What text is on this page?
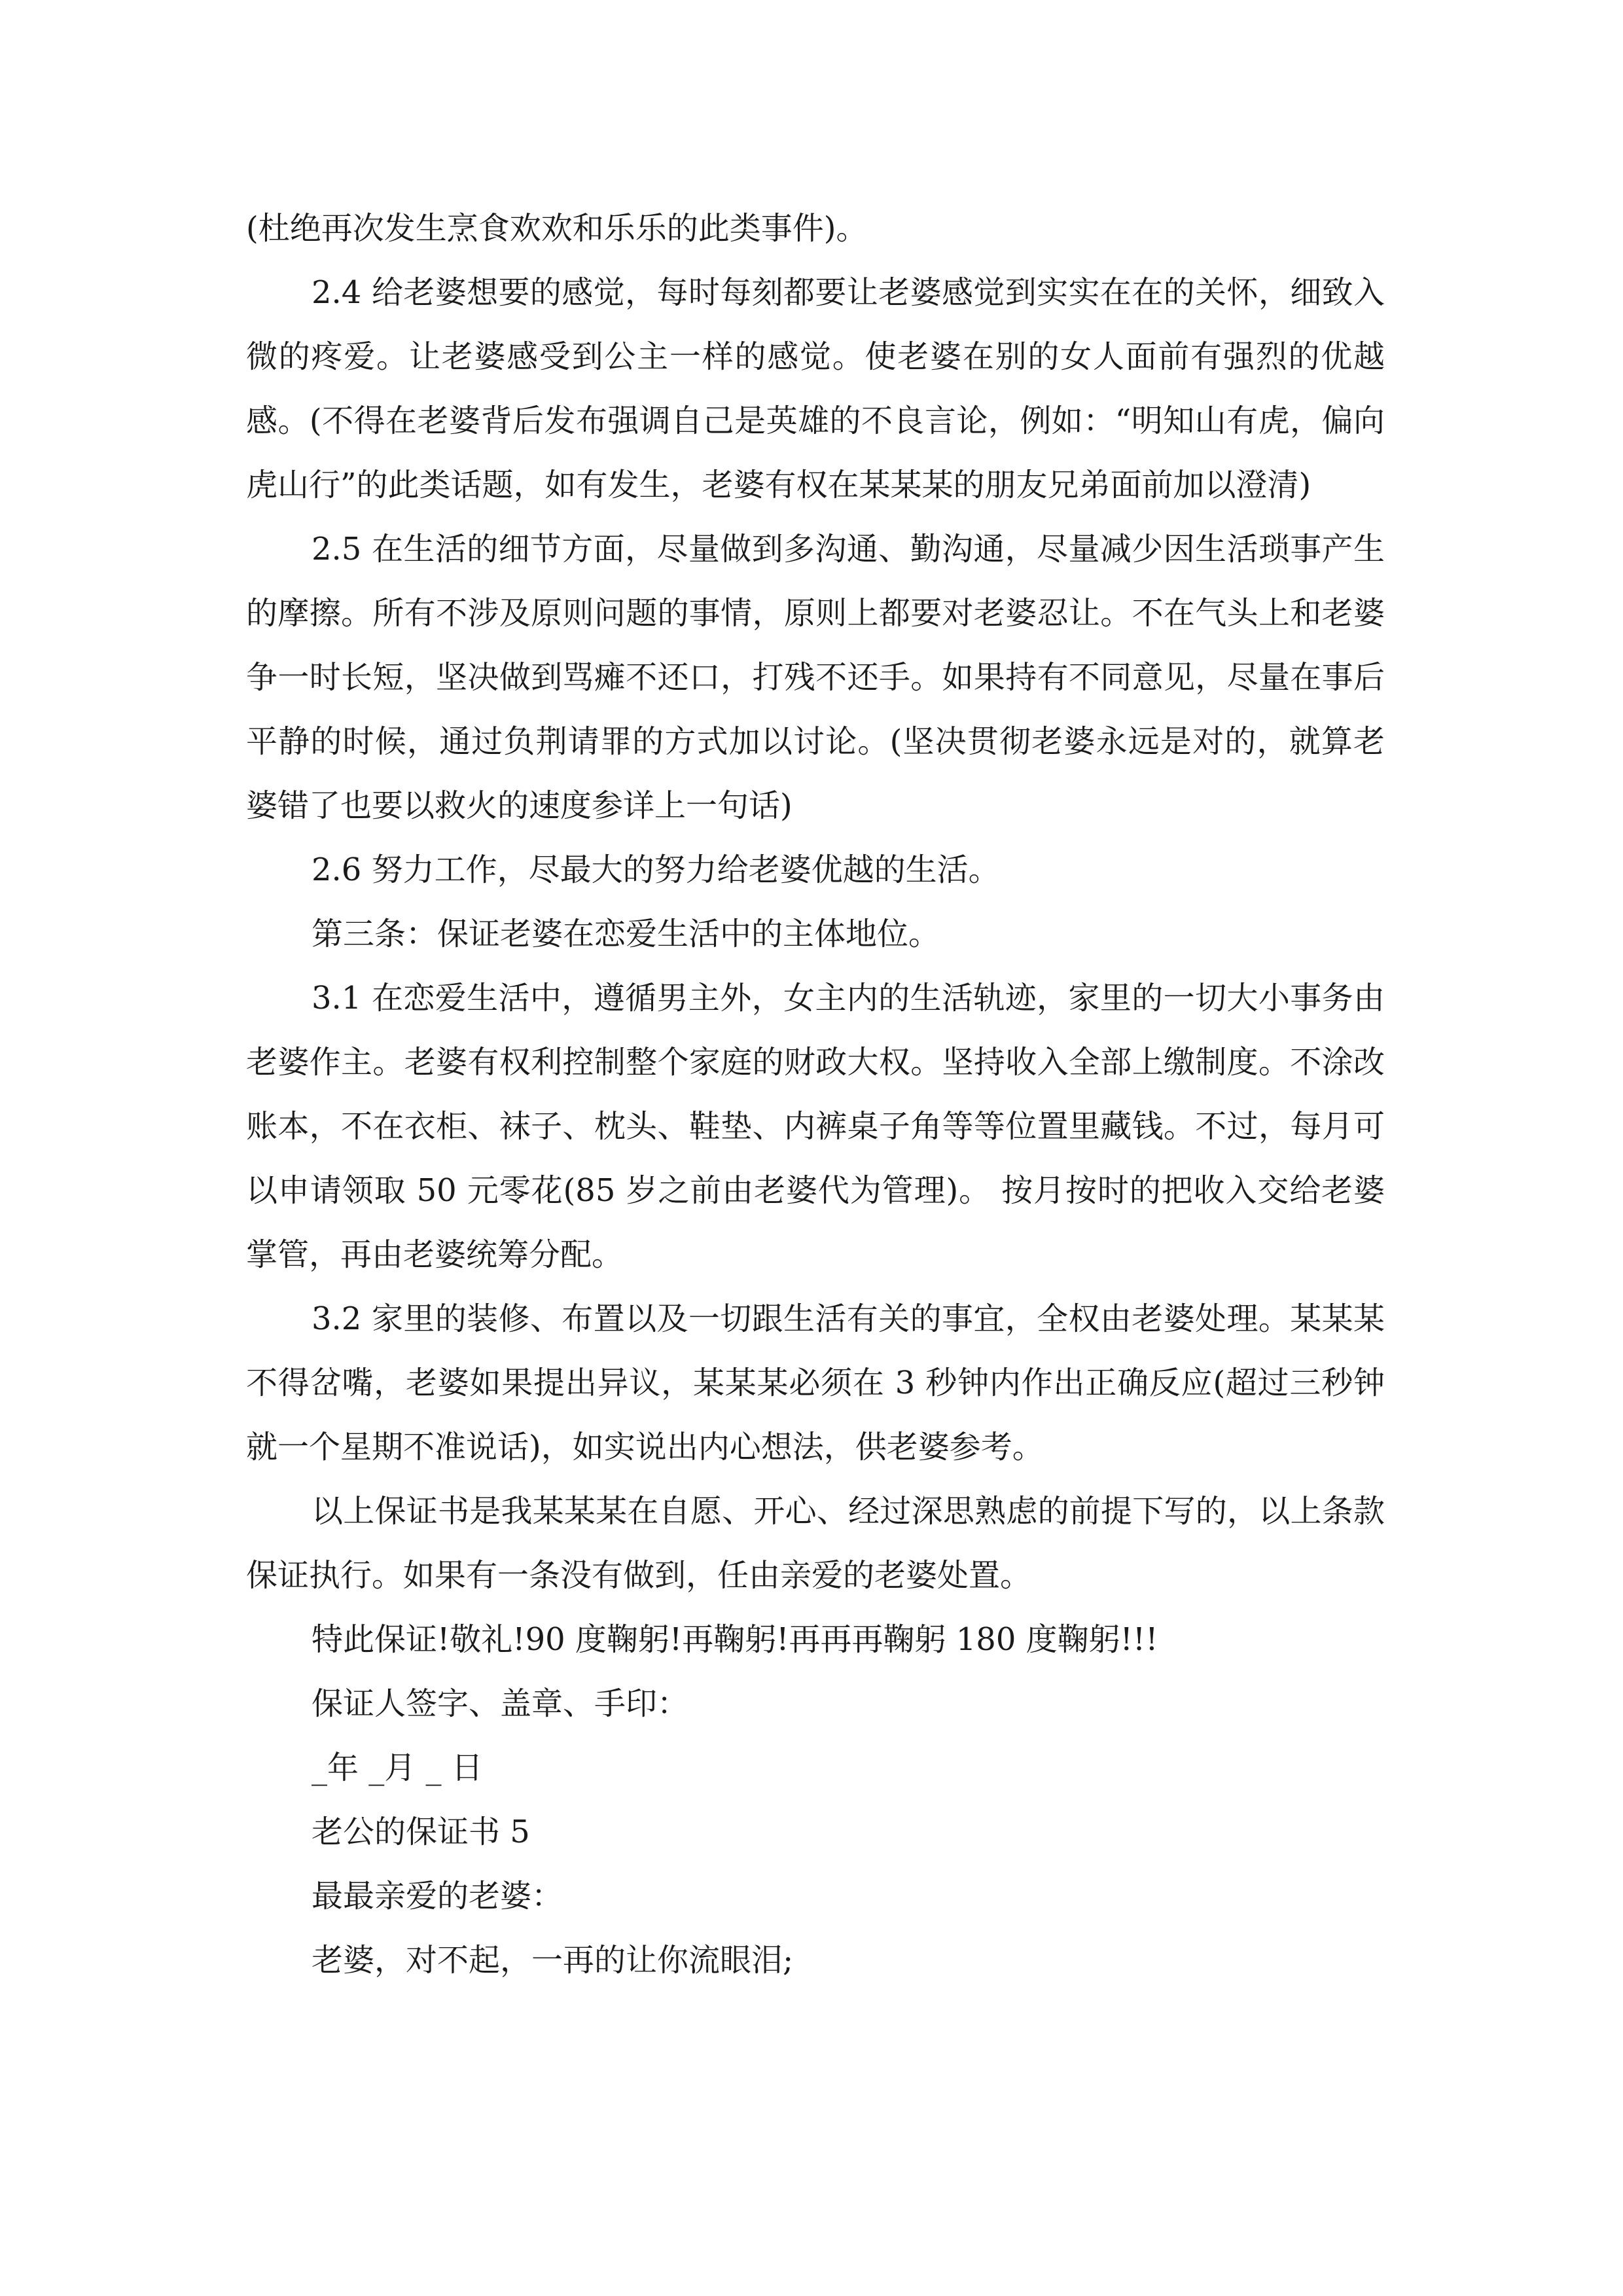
(杜绝再次发生烹食欢欢和乐乐的此类事件)。

2.4 给老婆想要的感觉，每时每刻都要让老婆感觉到实实在在的关怀，细致入微的疼爱。让老婆感受到公主一样的感觉。使老婆在别的女人面前有强烈的优越感。(不得在老婆背后发布强调自己是英雄的不良言论，例如：“明知山有虎，偏向虎山行”的此类话题，如有发生，老婆有权在某某某的朋友兄弟面前加以澄清)

2.5 在生活的细节方面，尽量做到多沟通、勤沟通，尽量减少因生活琐事产生的摩擦。所有不涉及原则问题的事情，原则上都要对老婆忍让。不在气头上和老婆争一时长短，坚决做到骂瘫不还口，打残不还手。如果持有不同意见，尽量在事后平静的时候，通过负荆请罪的方式加以讨论。(坚决贯彻老婆永远是对的，就算老婆错了也要以救火的速度参详上一句话)

2.6 努力工作，尽最大的努力给老婆优越的生活。

第三条：保证老婆在恋爱生活中的主体地位。

3.1 在恋爱生活中，遵循男主外，女主内的生活轨迹，家里的一切大小事务由老婆作主。老婆有权利控制整个家庭的财政大权。坚持收入全部上缴制度。不涂改账本，不在衣柜、袜子、枕头、鞋垫、内裤桌子角等等位置里藏钱。不过，每月可以申请领取 50 元零花(85 岁之前由老婆代为管理)。 按月按时的把收入交给老婆掌管，再由老婆统筹分配。

3.2 家里的装修、布置以及一切跟生活有关的事宜，全权由老婆处理。某某某不得岔嘴，老婆如果提出异议，某某某必须在 3 秒钟内作出正确反应(超过三秒钟就一个星期不准说话)，如实说出内心想法，供老婆参考。

以上保证书是我某某某在自愿、开心、经过深思熟虑的前提下写的，以上条款保证执行。如果有一条没有做到，任由亲爱的老婆处置。

特此保证!敬礼!90 度鞠躬!再鞠躬!再再再鞠躬 180 度鞠躬!!!

保证人签字、盖章、手印：

_年 _月 _ 日

老公的保证书 5

最最亲爱的老婆：

老婆，对不起，一再的让你流眼泪;
